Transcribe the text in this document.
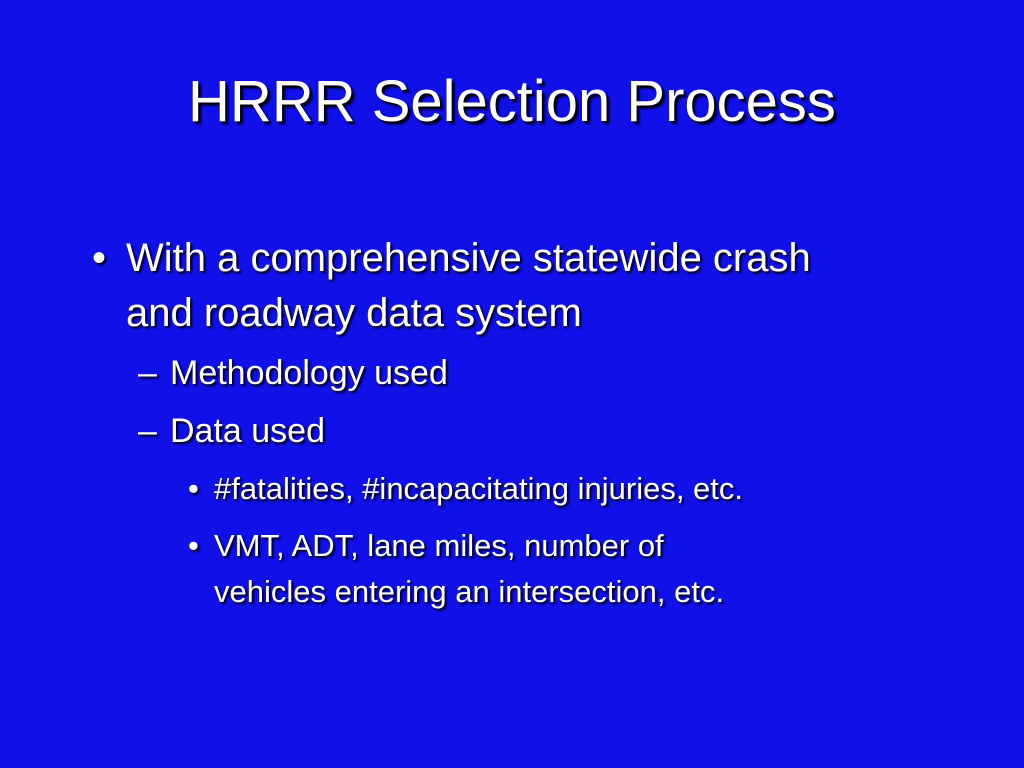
HRRR Selection Process
• With a comprehensive statewide crash
and roadway data system
– Methodology used
– Data used
• #fatalities, #incapacitating injuries, etc.
• VMT, ADT, lane miles, number of
vehicles entering an intersection, etc.
